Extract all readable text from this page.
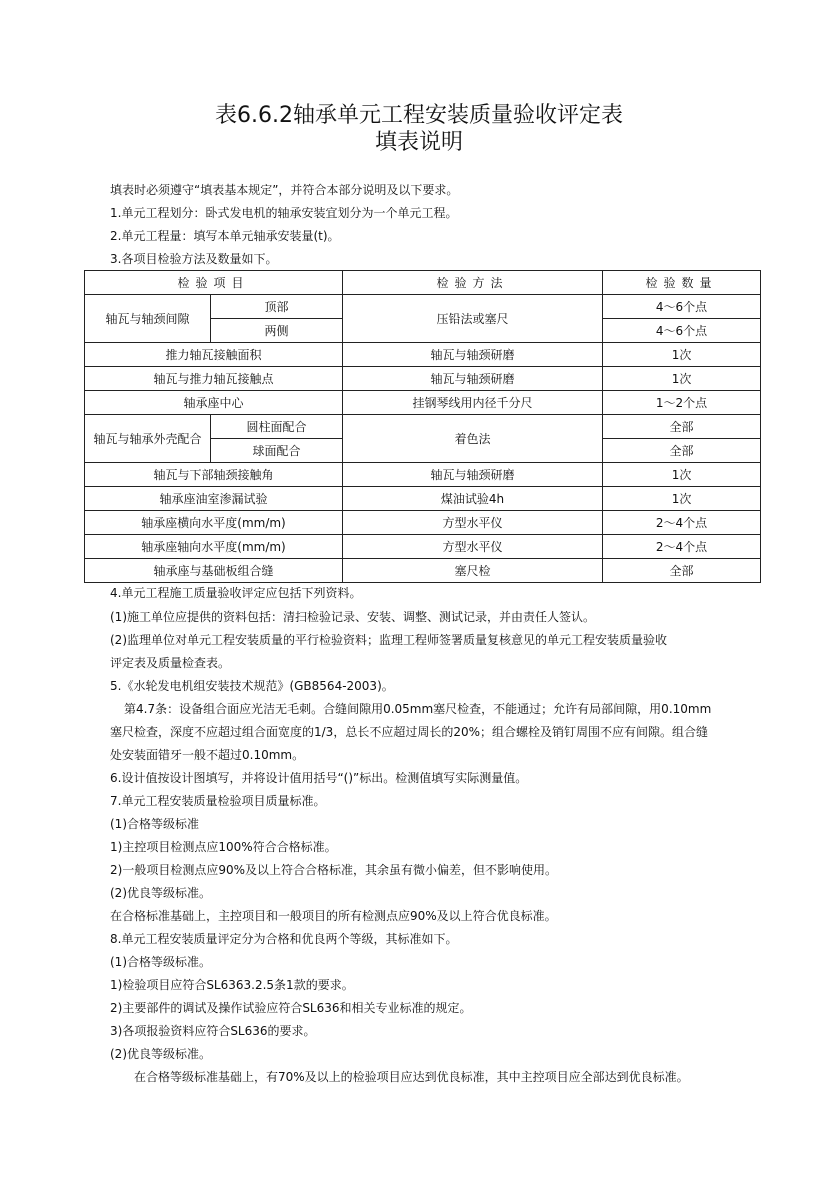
表6.6.2轴承单元工程安装质量验收评定表
填表说明
填表时必须遵守“填表基本规定”，并符合本部分说明及以下要求。
1.单元工程划分：卧式发电机的轴承安装宜划分为一个单元工程。
2.单元工程量：填写本单元轴承安装量(t)。
3.各项目检验方法及数量如下。
检验项目		检验方法	检验数量
轴瓦与轴颈间隙	顶部	压铅法或塞尺	4～6个点
	两侧		4～6个点
推力轴瓦接触面积		轴瓦与轴颈研磨	1次
轴瓦与推力轴瓦接触点		轴瓦与轴颈研磨	1次
轴承座中心		挂钢琴线用内径千分尺	1～2个点
轴瓦与轴承外壳配合	圆柱面配合	着色法	全部
	球面配合		全部
轴瓦与下部轴颈接触角		轴瓦与轴颈研磨	1次
轴承座油室渗漏试验		煤油试验4h	1次
轴承座横向水平度(mm/m)		方型水平仪	2～4个点
轴承座轴向水平度(mm/m)		方型水平仪	2～4个点
轴承座与基础板组合缝		塞尺检	全部
4.单元工程施工质量验收评定应包括下列资料。
(1)施工单位应提供的资料包括：清扫检验记录、安装、调整、测试记录，并由责任人签认。
(2)监理单位对单元工程安装质量的平行检验资料；监理工程师签署质量复核意见的单元工程安装质量验收
评定表及质量检查表。
5.《水轮发电机组安装技术规范》(GB8564-2003)。
第4.7条：设备组合面应光洁无毛刺。合缝间隙用0.05mm塞尺检查，不能通过；允许有局部间隙，用0.10mm
塞尺检查，深度不应超过组合面宽度的1/3，总长不应超过周长的20%；组合螺栓及销钉周围不应有间隙。组合缝
处安装面错牙一般不超过0.10mm。
6.设计值按设计图填写，并将设计值用括号“()”标出。检测值填写实际测量值。
7.单元工程安装质量检验项目质量标准。
(1)合格等级标准
1)主控项目检测点应100%符合合格标准。
2)一般项目检测点应90%及以上符合合格标准，其余虽有微小偏差，但不影响使用。
(2)优良等级标准。
在合格标准基础上，主控项目和一般项目的所有检测点应90%及以上符合优良标准。
8.单元工程安装质量评定分为合格和优良两个等级，其标准如下。
(1)合格等级标准。
1)检验项目应符合SL6363.2.5条1款的要求。
2)主要部件的调试及操作试验应符合SL636和相关专业标准的规定。
3)各项报验资料应符合SL636的要求。
(2)优良等级标准。
在合格等级标准基础上，有70%及以上的检验项目应达到优良标准，其中主控项目应全部达到优良标准。
